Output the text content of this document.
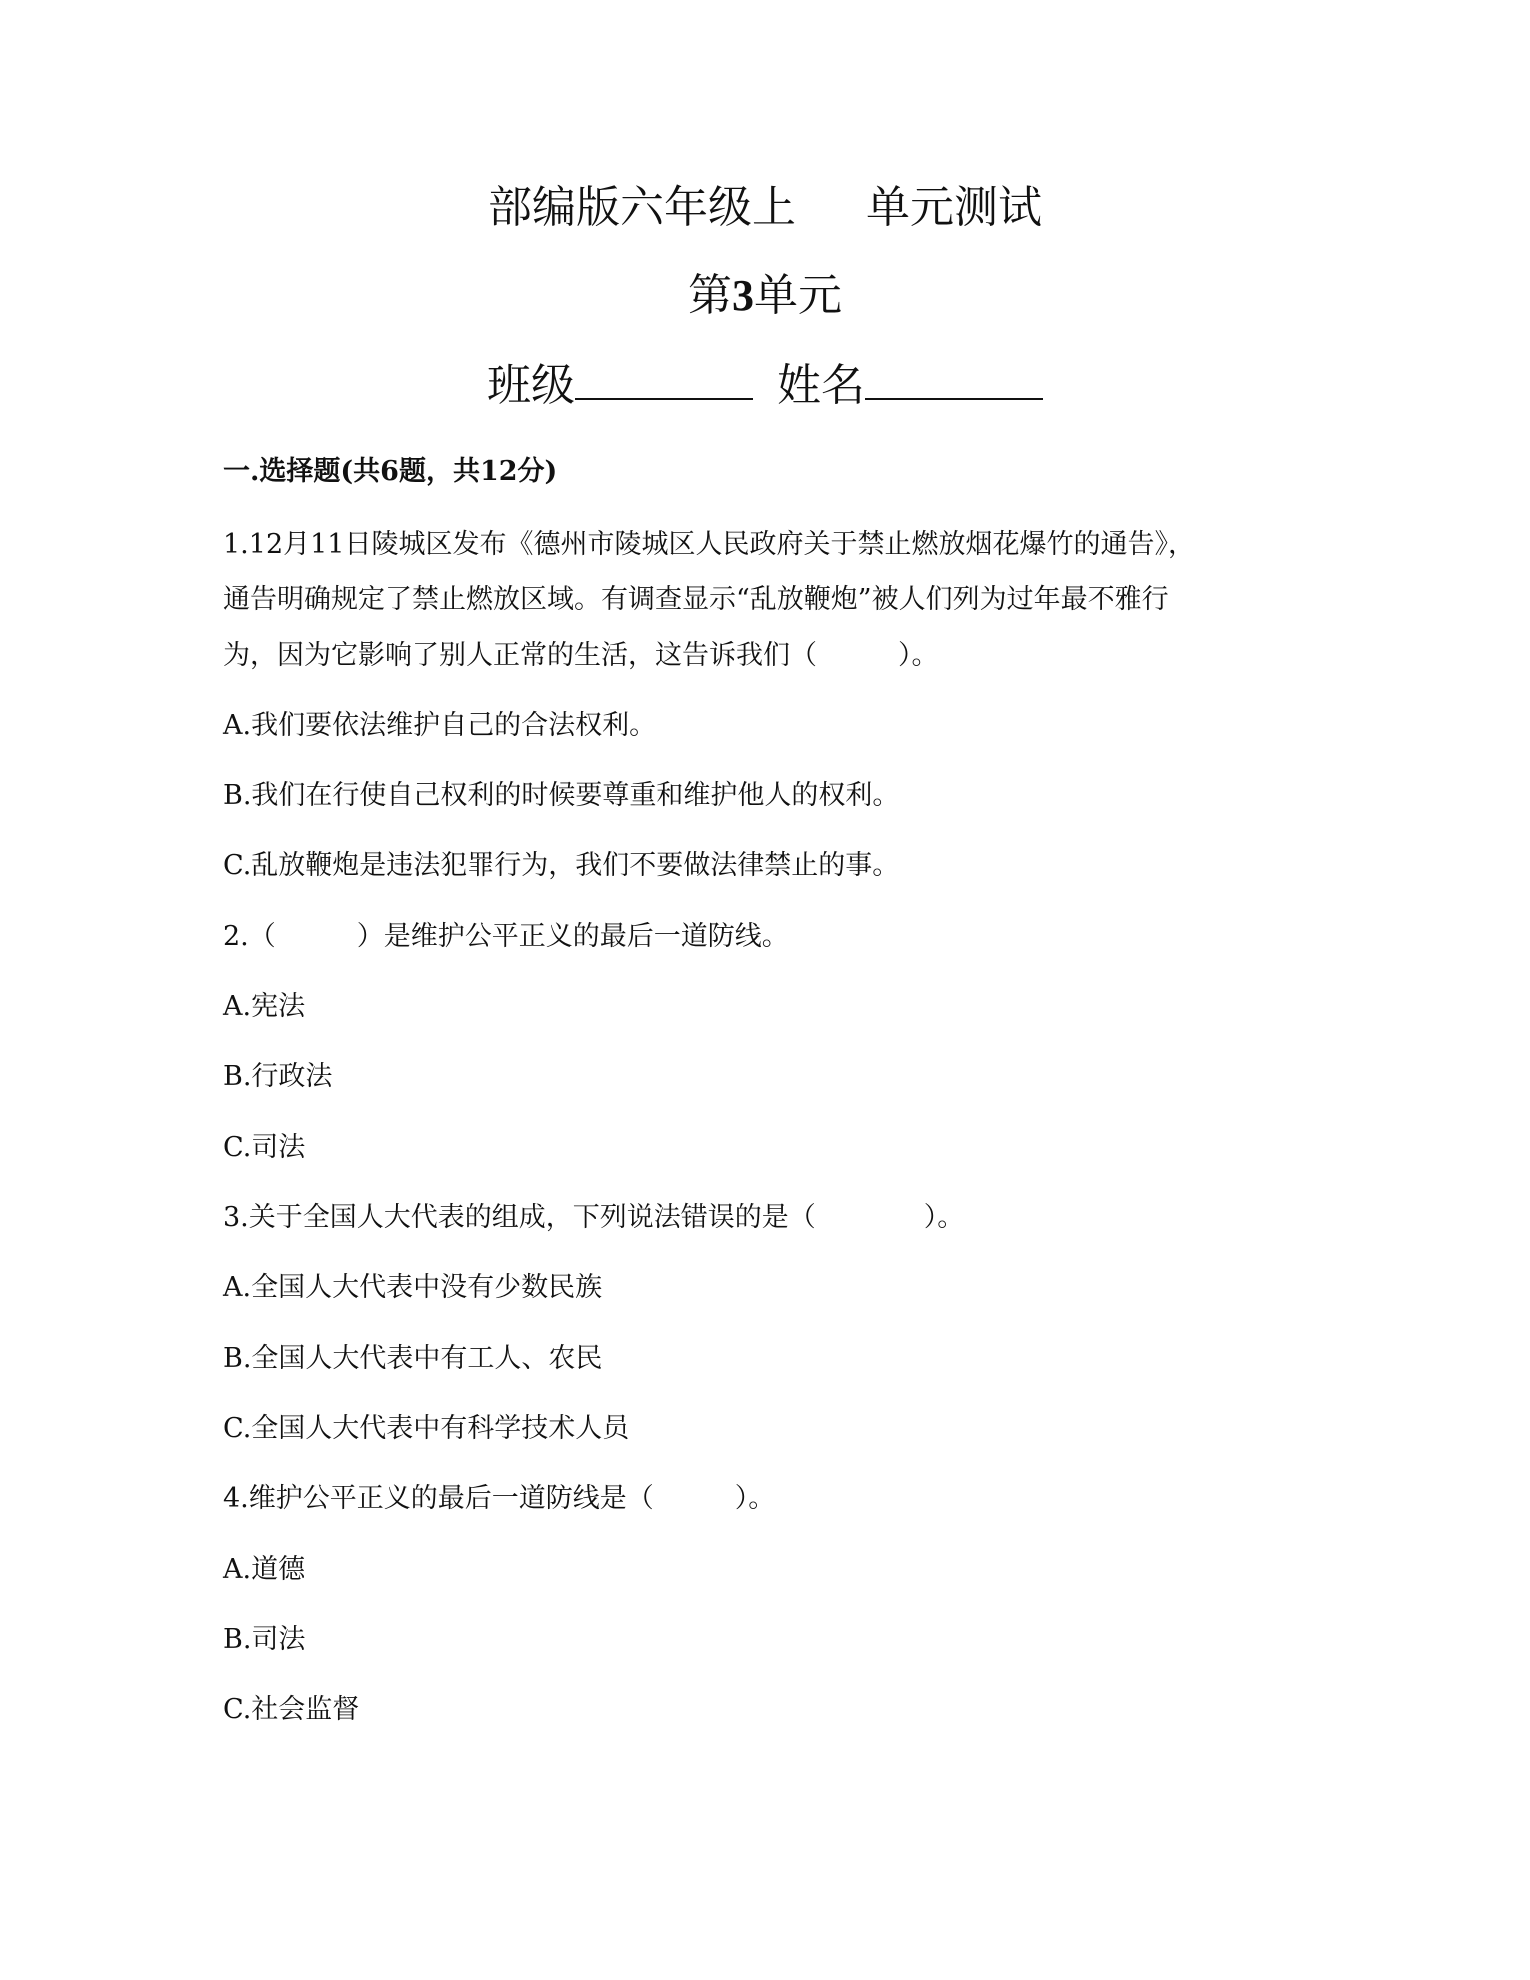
部编版六年级上 单元测试
第3单元
班级	姓名
一.选择题(共6题，共12分)
1.12月11日陵城区发布《德州市陵城区人民政府关于禁止燃放烟花爆竹的通告》，
通告明确规定了禁止燃放区域。有调查显示“乱放鞭炮”被人们列为过年最不雅行
为，因为它影响了别人正常的生活，这告诉我们（　　　）。
A.我们要依法维护自己的合法权利。
B.我们在行使自己权利的时候要尊重和维护他人的权利。
C.乱放鞭炮是违法犯罪行为，我们不要做法律禁止的事。
2.（　　　）是维护公平正义的最后一道防线。
A.宪法
B.行政法
C.司法
3.关于全国人大代表的组成，下列说法错误的是（　　　　）。
A.全国人大代表中没有少数民族
B.全国人大代表中有工人、农民
C.全国人大代表中有科学技术人员
4.维护公平正义的最后一道防线是（　　　）。
A.道德
B.司法
C.社会监督
